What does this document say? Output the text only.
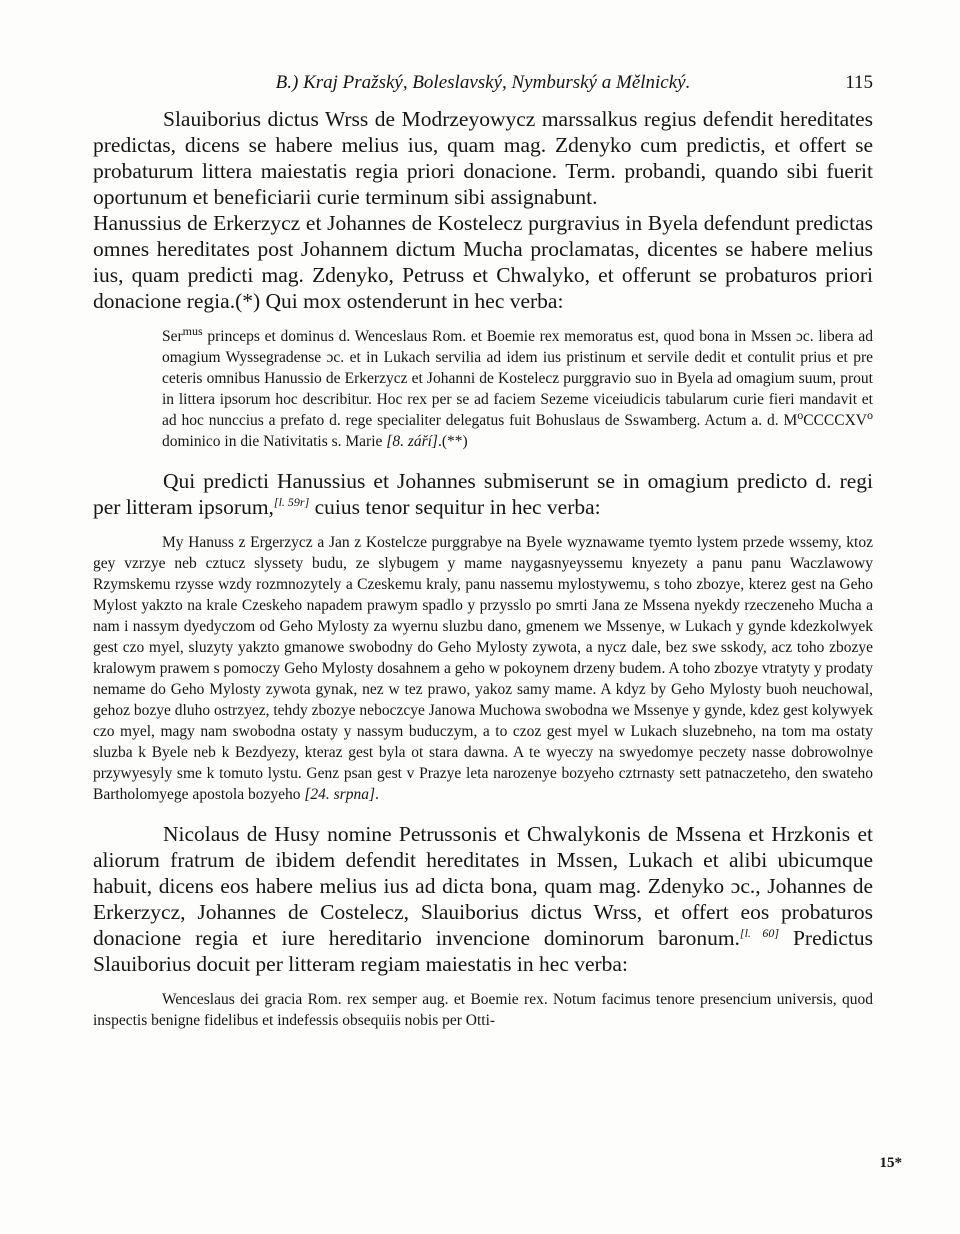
B.) Kraj Pražský, Boleslavský, Nymburský a Mělnický.	115

Slauiborius dictus Wrss de Modrzeyowycz marssalkus regius defendit hereditates predictas, dicens se habere melius ius, quam mag. Zdenyko cum predictis, et offert se probaturum littera maiestatis regia priori donacione. Term. probandi, quando sibi fuerit oportunum et beneficiarii curie terminum sibi assignabunt.

Hanussius de Erkerzycz et Johannes de Kostelecz purgravius in Byela defendunt predictas omnes hereditates post Johannem dictum Mucha proclamatas, dicentes se habere melius ius, quam predicti mag. Zdenyko, Petruss et Chwalyko, et offerunt se probaturos priori donacione regia.(*) Qui mox ostenderunt in hec verba:

Ser$^{mus}$ princeps et dominus d. Wenceslaus Rom. et Boemie rex memoratus est, quod bona in Mssen ɔc. libera ad omagium Wyssegradense ɔc. et in Lukach servilia ad idem ius pristinum et servile dedit et contulit prius et pre ceteris omnibus Hanussio de Erkerzycz et Johanni de Kostelecz purggravio suo in Byela ad omagium suum, prout in littera ipsorum hoc describitur. Hoc rex per se ad faciem Sezeme viceiudicis tabularum curie fieri mandavit et ad hoc nunccius a prefato d. rege specialiter delegatus fuit Bohuslaus de Sswamberg. Actum a. d. $M^oCCCCXV^o$ dominico in die Nativitatis s. Marie [8. září].(**)

Qui predicti Hanussius et Johannes submiserunt se in omagium predicto d. regi per litteram ipsorum,[l. 59r] cuius tenor sequitur in hec verba:

My Hanuss z Ergerzycz a Jan z Kostelcze purggrabye na Byele wyznawame tyemto lystem przede wssemy, ktoz gey vzrzye neb cztucz slyssety budu, ze slybugem y mame naygasnyeyssemu knyezety a panu panu Waczlawowy Rzymskemu rzysse wzdy rozmnozytely a Czeskemu kraly, panu nassemu mylostywemu, s toho zbozye, kterez gest na Geho Mylost yakzto na krale Czeskeho napadem prawym spadlo y przysslo po smrti Jana ze Mssena nyekdy rzeczeneho Mucha a nam i nassym dyedyczom od Geho Mylosty za wyernu sluzbu dano, gmenem we Mssenye, w Lukach y gynde kdezkolwyek gest czo myel, sluzyty yakzto gmanowe swobodny do Geho Mylosty zywota, a nycz dale, bez swe sskody, acz toho zbozye kralowym prawem s pomoczy Geho Mylosty dosahnem a geho w pokoynem drzeny budem. A toho zbozye vtratyty y prodaty nemame do Geho Mylosty zywota gynak, nez w tez prawo, yakoz samy mame. A kdyz by Geho Mylosty buoh neuchowal, gehoz bozye dluho ostrzyez, tehdy zbozye neboczcye Janowa Muchowa swobodna we Mssenye y gynde, kdez gest kolywyek czo myel, magy nam swobodna ostaty y nassym buduczym, a to czoz gest myel w Lukach sluzebneho, na tom ma ostaty sluzba k Byele neb k Bezdyezy, kteraz gest byla ot stara dawna. A te wyeczy na swyedomye peczety nasse dobrowolnye przywyesyly sme k tomuto lystu. Genz psan gest v Prazye leta narozenye bozyeho cztrnasty sett patnaczeteho, den swateho Bartholomyege apostola bozyeho [24. srpna].

Nicolaus de Husy nomine Petrussonis et Chwalykonis de Mssena et Hrzkonis et aliorum fratrum de ibidem defendit hereditates in Mssen, Lukach et alibi ubicumque habuit, dicens eos habere melius ius ad dicta bona, quam mag. Zdenyko ɔc., Johannes de Erkerzycz, Johannes de Costelecz, Slauiborius dictus Wrss, et offert eos probaturos donacione regia et iure hereditario invencione dominorum baronum.[l. 60] Predictus Slauiborius docuit per litteram regiam maiestatis in hec verba:

Wenceslaus dei gracia Rom. rex semper aug. et Boemie rex. Notum facimus tenore presencium universis, quod inspectis benigne fidelibus et indefessis obsequiis nobis per Otti-

15*
